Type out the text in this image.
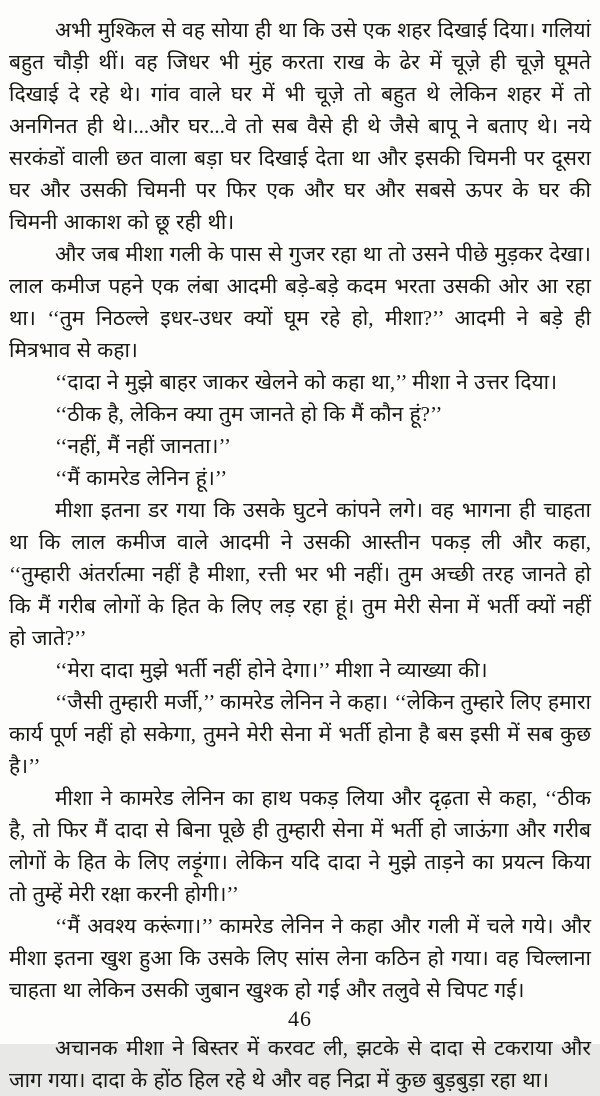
अभी मुश्किल से वह सोया ही था कि उसे एक शहर दिखाई दिया। गलियां बहुत चौड़ी थीं। वह जिधर भी मुंह करता राख के ढेर में चूज़े ही चूज़े घूमते दिखाई दे रहे थे। गांव वाले घर में भी चूज़े तो बहुत थे लेकिन शहर में तो अनगिनत ही थे।...और घर...वे तो सब वैसे ही थे जैसे बापू ने बताए थे। नये सरकंडों वाली छत वाला बड़ा घर दिखाई देता था और इसकी चिमनी पर दूसरा घर और उसकी चिमनी पर फिर एक और घर और सबसे ऊपर के घर की चिमनी आकाश को छू रही थी।

और जब मीशा गली के पास से गुजर रहा था तो उसने पीछे मुड़कर देखा। लाल कमीज पहने एक लंबा आदमी बड़े-बड़े कदम भरता उसकी ओर आ रहा था। ‘‘तुम निठल्ले इधर-उधर क्यों घूम रहे हो, मीशा?’’ आदमी ने बड़े ही मित्रभाव से कहा।

‘‘दादा ने मुझे बाहर जाकर खेलने को कहा था,’’ मीशा ने उत्तर दिया।

‘‘ठीक है, लेकिन क्या तुम जानते हो कि मैं कौन हूं?’’

‘‘नहीं, मैं नहीं जानता।’’

‘‘मैं कामरेड लेनिन हूं।’’

मीशा इतना डर गया कि उसके घुटने कांपने लगे। वह भागना ही चाहता था कि लाल कमीज वाले आदमी ने उसकी आस्तीन पकड़ ली और कहा, ‘‘तुम्हारी अंतर्रात्मा नहीं है मीशा, रत्ती भर भी नहीं। तुम अच्छी तरह जानते हो कि मैं गरीब लोगों के हित के लिए लड़ रहा हूं। तुम मेरी सेना में भर्ती क्यों नहीं हो जाते?’’

‘‘मेरा दादा मुझे भर्ती नहीं होने देगा।’’ मीशा ने व्याख्या की।

‘‘जैसी तुम्हारी मर्जी,’’ कामरेड लेनिन ने कहा। ‘‘लेकिन तुम्हारे लिए हमारा कार्य पूर्ण नहीं हो सकेगा, तुमने मेरी सेना में भर्ती होना है बस इसी में सब कुछ है।’’

मीशा ने कामरेड लेनिन का हाथ पकड़ लिया और दृढ़ता से कहा, ‘‘ठीक है, तो फिर मैं दादा से बिना पूछे ही तुम्हारी सेना में भर्ती हो जाऊंगा और गरीब लोगों के हित के लिए लड़ूंगा। लेकिन यदि दादा ने मुझे ताड़ने का प्रयत्न किया तो तुम्हें मेरी रक्षा करनी होगी।’’

‘‘मैं अवश्य करूंगा।’’ कामरेड लेनिन ने कहा और गली में चले गये। और मीशा इतना खुश हुआ कि उसके लिए सांस लेना कठिन हो गया। वह चिल्लाना चाहता था लेकिन उसकी जुबान खुश्क हो गई और तलुवे से चिपट गई।

अचानक मीशा ने बिस्तर में करवट ली, झटके से दादा से टकराया और जाग गया। दादा के होंठ हिल रहे थे और वह निद्रा में कुछ बुड़बुड़ा रहा था।

46
